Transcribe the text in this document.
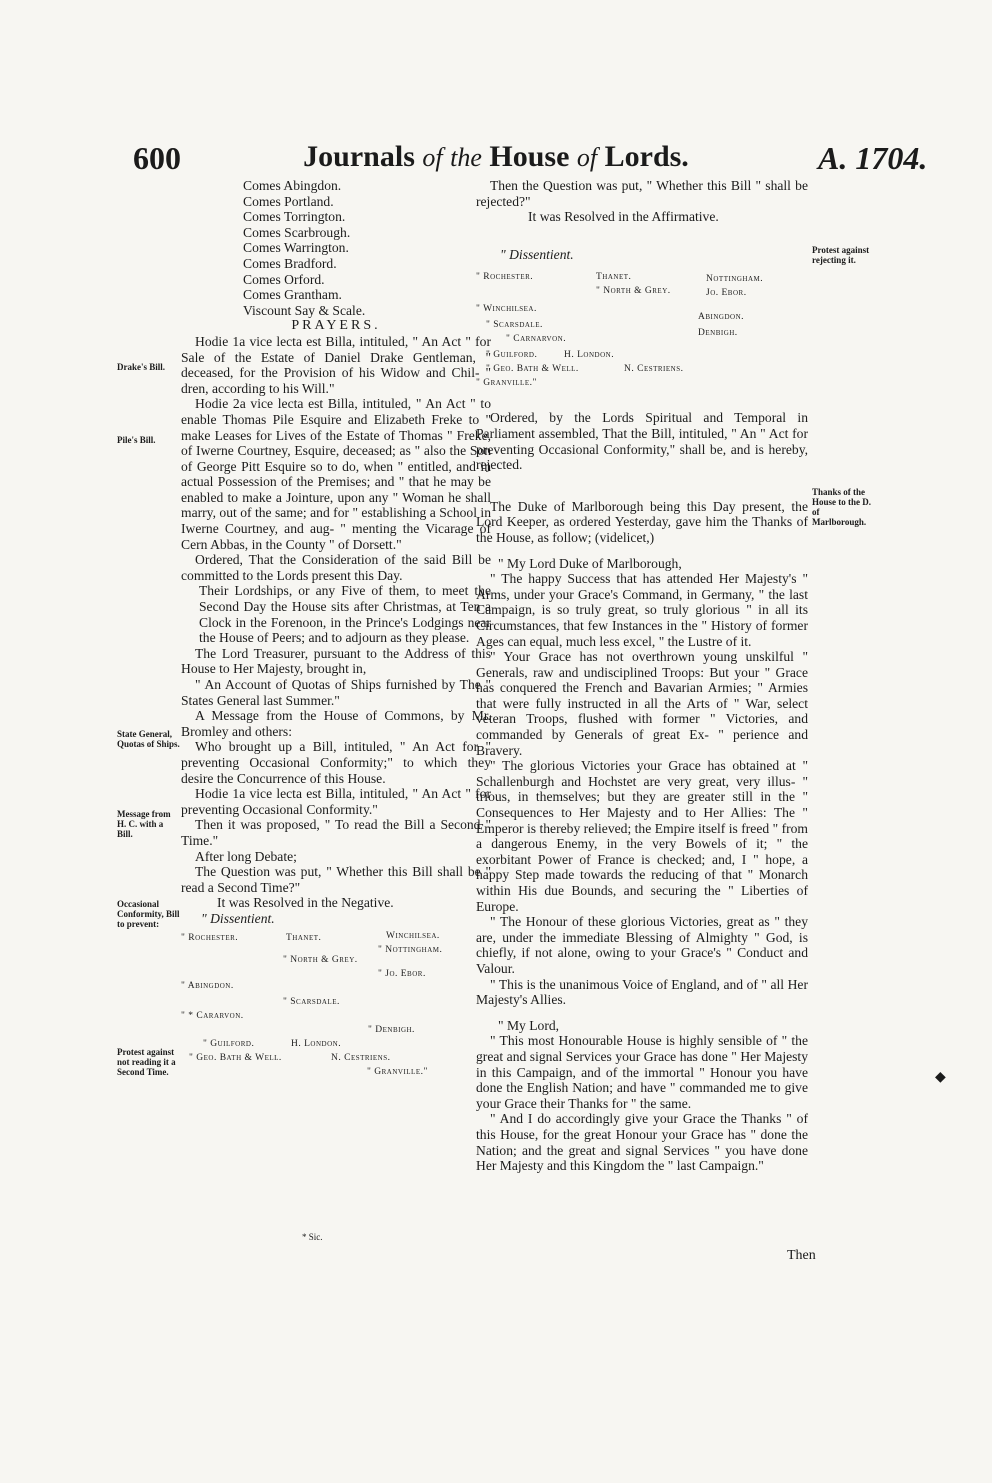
600	Journals of the House of Lords.	A. 1704.
Drake's Bill.
Pile's Bill.
State General, Quotas of Ships.
Message from H. C. with a Bill.
Occasional Conformity, Bill to prevent:
Protest against not reading it a Second Time.
Protest against rejecting it.
Thanks of the House to the D. of Marlborough.

Comes Abingdon.

Comes Portland.

Comes Torrington.

Comes Scarbrough.

Comes Warrington.

Comes Bradford.

Comes Orford.

Comes Grantham.

Viscount Say & Scale.

PRAYERS.

Hodie 1a vice lecta est Billa, intituled, " An Act " for Sale of the Estate of Daniel Drake Gentleman, " deceased, for the Provision of his Widow and Chil- " dren, according to his Will."

Hodie 2a vice lecta est Billa, intituled, " An Act " to enable Thomas Pile Esquire and Elizabeth Freke to " make Leases for Lives of the Estate of Thomas " Freke, of Iwerne Courtney, Esquire, deceased; as " also the Son of George Pitt Esquire so to do, when " entitled, and in actual Possession of the Premises; and " that he may be enabled to make a Jointure, upon any " Woman he shall marry, out of the same; and for " establishing a School in Iwerne Courtney, and aug- " menting the Vicarage of Cern Abbas, in the County " of Dorsett."

Ordered, That the Consideration of the said Bill be committed to the Lords present this Day.

Their Lordships, or any Five of them, to meet the Second Day the House sits after Christmas, at Ten a Clock in the Forenoon, in the Prince's Lodgings near the House of Peers; and to adjourn as they please.

The Lord Treasurer, pursuant to the Address of this House to Her Majesty, brought in,

" An Account of Quotas of Ships furnished by The " States General last Summer."

A Message from the House of Commons, by Mr. Bromley and others:

Who brought up a Bill, intituled, " An Act for " preventing Occasional Conformity;" to which they desire the Concurrence of this House.

Hodie 1a vice lecta est Billa, intituled, " An Act " for preventing Occasional Conformity."

Then it was proposed, " To read the Bill a Second " Time."

After long Debate;

The Question was put, " Whether this Bill shall be " read a Second Time?"

It was Resolved in the Negative.

" Dissentient.

" Rochester.	Thanet.	Winchilsea.
" Nottingham.
" North & Grey.
" Jo. Ebor.
" Abingdon.
" Scarsdale.
" * Cararvon.
" Denbigh.
" Guilford.	H. London.
" Geo. Bath & Well.	N. Cestriens.
" Granville."
* Sic.

Then the Question was put, " Whether this Bill " shall be rejected?"

It was Resolved in the Affirmative.

" Dissentient.

" Rochester.	Thanet.	Nottingham.
" North & Grey.	Jo. Ebor.
" Winchilsea.
Abingdon.
" Scarsdale.
Denbigh.
" Carnarvon.
" Guilford.	H. London.
" Geo. Bath & Well.	N. Cestriens.
" Granville."

Ordered, by the Lords Spiritual and Temporal in Parliament assembled, That the Bill, intituled, " An " Act for preventing Occasional Conformity," shall be, and is hereby, rejected.

The Duke of Marlborough being this Day present, the Lord Keeper, as ordered Yesterday, gave him the Thanks of the House, as follow; (videlicet,)

" My Lord Duke of Marlborough,

" The happy Success that has attended Her Majesty's " Arms, under your Grace's Command, in Germany, " the last Campaign, is so truly great, so truly glorious " in all its Circumstances, that few Instances in the " History of former Ages can equal, much less excel, " the Lustre of it.

" Your Grace has not overthrown young unskilful " Generals, raw and undisciplined Troops: But your " Grace has conquered the French and Bavarian Armies; " Armies that were fully instructed in all the Arts of " War, select veteran Troops, flushed with former " Victories, and commanded by Generals of great Ex- " perience and Bravery.

" The glorious Victories your Grace has obtained at " Schallenburgh and Hochstet are very great, very illus- " trious, in themselves; but they are greater still in the " Consequences to Her Majesty and to Her Allies: The " Emperor is thereby relieved; the Empire itself is freed " from a dangerous Enemy, in the very Bowels of it; " the exorbitant Power of France is checked; and, I " hope, a happy Step made towards the reducing of that " Monarch within His due Bounds, and securing the " Liberties of Europe.

" The Honour of these glorious Victories, great as " they are, under the immediate Blessing of Almighty " God, is chiefly, if not alone, owing to your Grace's " Conduct and Valour.

" This is the unanimous Voice of England, and of " all Her Majesty's Allies.

" My Lord,

" This most Honourable House is highly sensible of " the great and signal Services your Grace has done " Her Majesty in this Campaign, and of the immortal " Honour you have done the English Nation; and have " commanded me to give your Grace their Thanks for " the same.

" And I do accordingly give your Grace the Thanks " of this House, for the great Honour your Grace has " done the Nation; and the great and signal Services " you have done Her Majesty and this Kingdom the " last Campaign."

Then
◆
